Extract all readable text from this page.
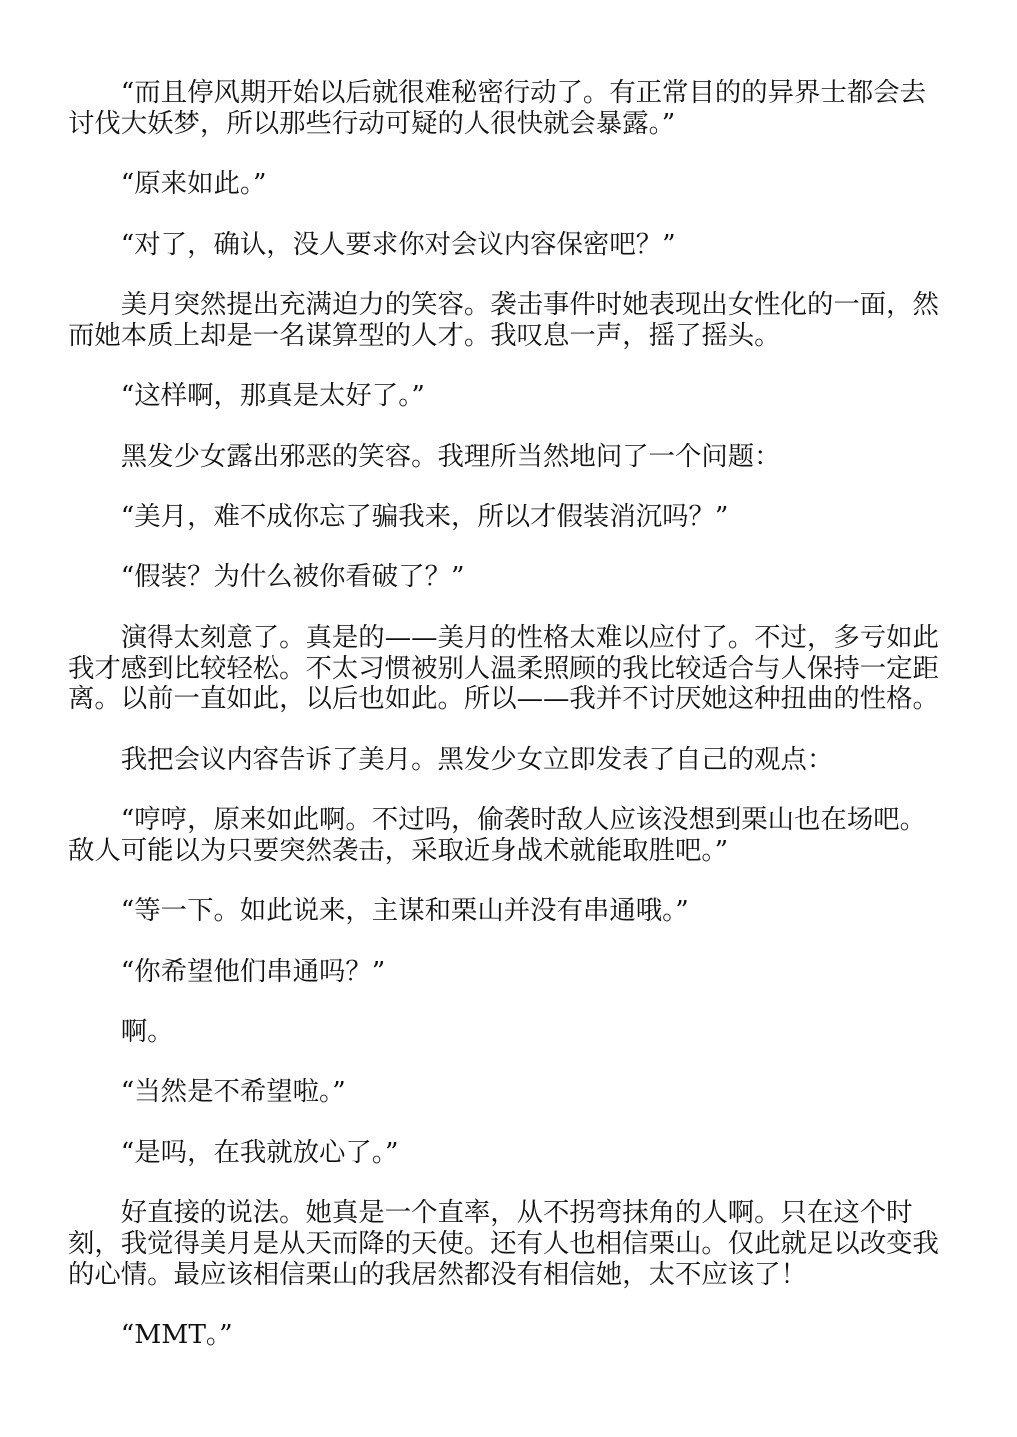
“而且停风期开始以后就很难秘密行动了。有正常目的的异界士都会去讨伐大妖梦，所以那些行动可疑的人很快就会暴露。”

“原来如此。”

“对了，确认，没人要求你对会议内容保密吧？”

美月突然提出充满迫力的笑容。袭击事件时她表现出女性化的一面，然而她本质上却是一名谋算型的人才。我叹息一声，摇了摇头。

“这样啊，那真是太好了。”

黑发少女露出邪恶的笑容。我理所当然地问了一个问题：

“美月，难不成你忘了骗我来，所以才假装消沉吗？”

“假装？为什么被你看破了？”

演得太刻意了。真是的——美月的性格太难以应付了。不过，多亏如此我才感到比较轻松。不太习惯被别人温柔照顾的我比较适合与人保持一定距离。以前一直如此，以后也如此。所以——我并不讨厌她这种扭曲的性格。

我把会议内容告诉了美月。黑发少女立即发表了自己的观点：

“哼哼，原来如此啊。不过吗，偷袭时敌人应该没想到栗山也在场吧。敌人可能以为只要突然袭击，采取近身战术就能取胜吧。”

“等一下。如此说来，主谋和栗山并没有串通哦。”

“你希望他们串通吗？”

啊。

“当然是不希望啦。”

“是吗，在我就放心了。”

好直接的说法。她真是一个直率，从不拐弯抹角的人啊。只在这个时刻，我觉得美月是从天而降的天使。还有人也相信栗山。仅此就足以改变我的心情。最应该相信栗山的我居然都没有相信她，太不应该了！

“MMT。”
